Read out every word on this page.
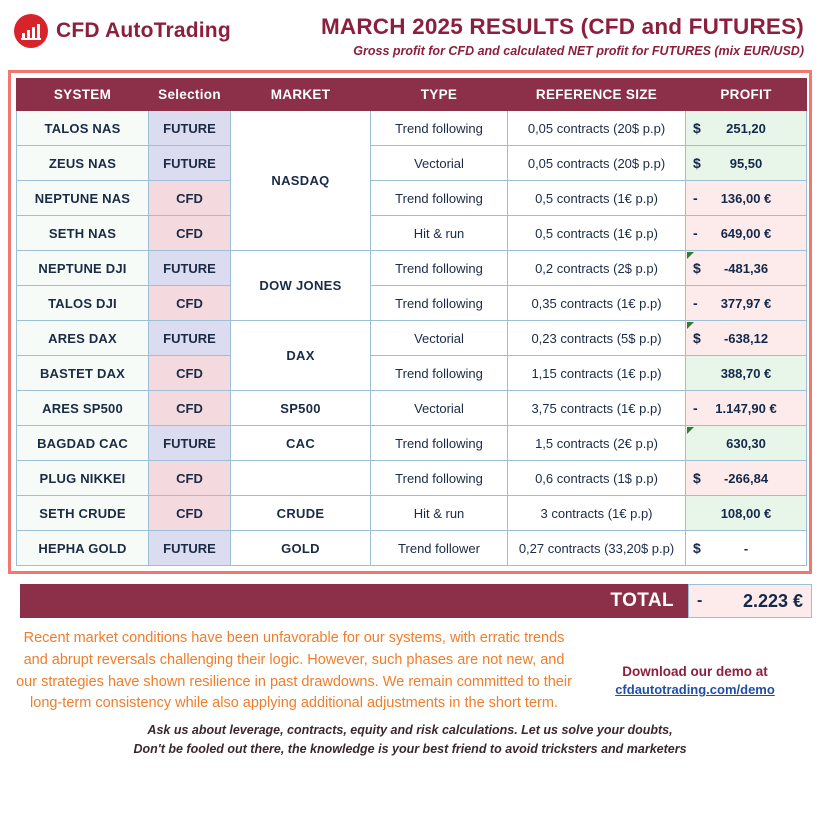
CFD AutoTrading	MARCH 2025 RESULTS (CFD and FUTURES)
Gross profit for CFD and calculated NET profit for FUTURES (mix EUR/USD)
SYSTEM	Selection	MARKET	TYPE	REFERENCE SIZE	PROFIT
TALOS NAS	FUTURE	NASDAQ	Trend following	0,05 contracts (20$ p.p)	$ 251,20
ZEUS NAS	FUTURE		Vectorial	0,05 contracts (20$ p.p)	$ 95,50
NEPTUNE NAS	CFD		Trend following	0,5 contracts (1€ p.p)	- 136,00 €
SETH NAS	CFD		Hit & run	0,5 contracts (1€ p.p)	- 649,00 €
NEPTUNE DJI	FUTURE	DOW JONES	Trend following	0,2 contracts (2$ p.p)	$ -481,36
TALOS DJI	CFD		Trend following	0,35 contracts (1€ p.p)	- 377,97 €
ARES DAX	FUTURE	DAX	Vectorial	0,23 contracts (5$ p.p)	$ -638,12
BASTET DAX	CFD		Trend following	1,15 contracts (1€ p.p)	388,70 €
ARES SP500	CFD	SP500	Vectorial	3,75 contracts (1€ p.p)	- 1.147,90 €
BAGDAD CAC	FUTURE	CAC	Trend following	1,5 contracts (2€ p.p)	630,30
PLUG NIKKEI	CFD		Trend following	0,6 contracts (1$ p.p)	$ -266,84
SETH CRUDE	CFD	CRUDE	Hit & run	3 contracts (1€ p.p)	108,00 €
HEPHA GOLD	FUTURE	GOLD	Trend follower	0,27 contracts (33,20$ p.p)	$ -
TOTAL	- 2.223 €
Recent market conditions have been unfavorable for our systems, with erratic trends and abrupt reversals challenging their logic. However, such phases are not new, and our strategies have shown resilience in past drawdowns. We remain committed to their long-term consistency while also applying additional adjustments in the short term.
Download our demo at
cfdautotrading.com/demo
Ask us about leverage, contracts, equity and risk calculations. Let us solve your doubts,
Don't be fooled out there, the knowledge is your best friend to avoid tricksters and marketers
